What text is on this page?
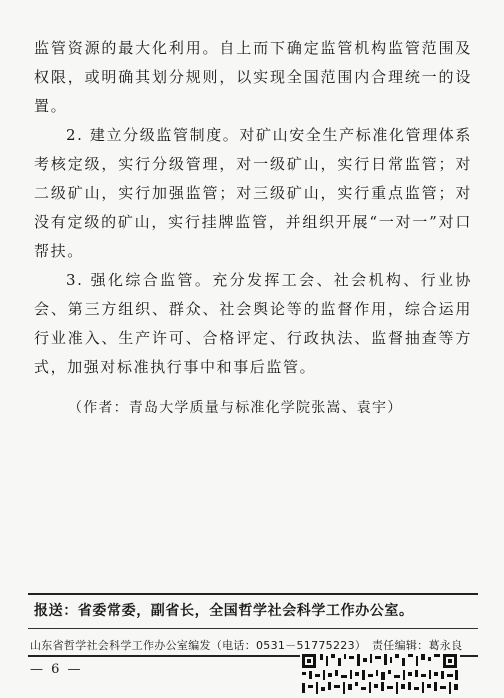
监管资源的最大化利用。自上而下确定监管机构监管范围及权限，或明确其划分规则，以实现全国范围内合理统一的设置。

2. 建立分级监管制度。对矿山安全生产标准化管理体系考核定级，实行分级管理，对一级矿山，实行日常监管；对二级矿山，实行加强监管；对三级矿山，实行重点监管；对没有定级的矿山，实行挂牌监管，并组织开展“一对一”对口帮扶。

3. 强化综合监管。充分发挥工会、社会机构、行业协会、第三方组织、群众、社会舆论等的监督作用，综合运用行业准入、生产许可、合格评定、行政执法、监督抽查等方式，加强对标准执行事中和事后监管。

（作者：青岛大学质量与标准化学院张嵩、袁宇）
报送：省委常委，副省长，全国哲学社会科学工作办公室。
山东省哲学社会科学工作办公室编发（电话：0531－51775223）　责任编辑：葛永良
— 6 —
